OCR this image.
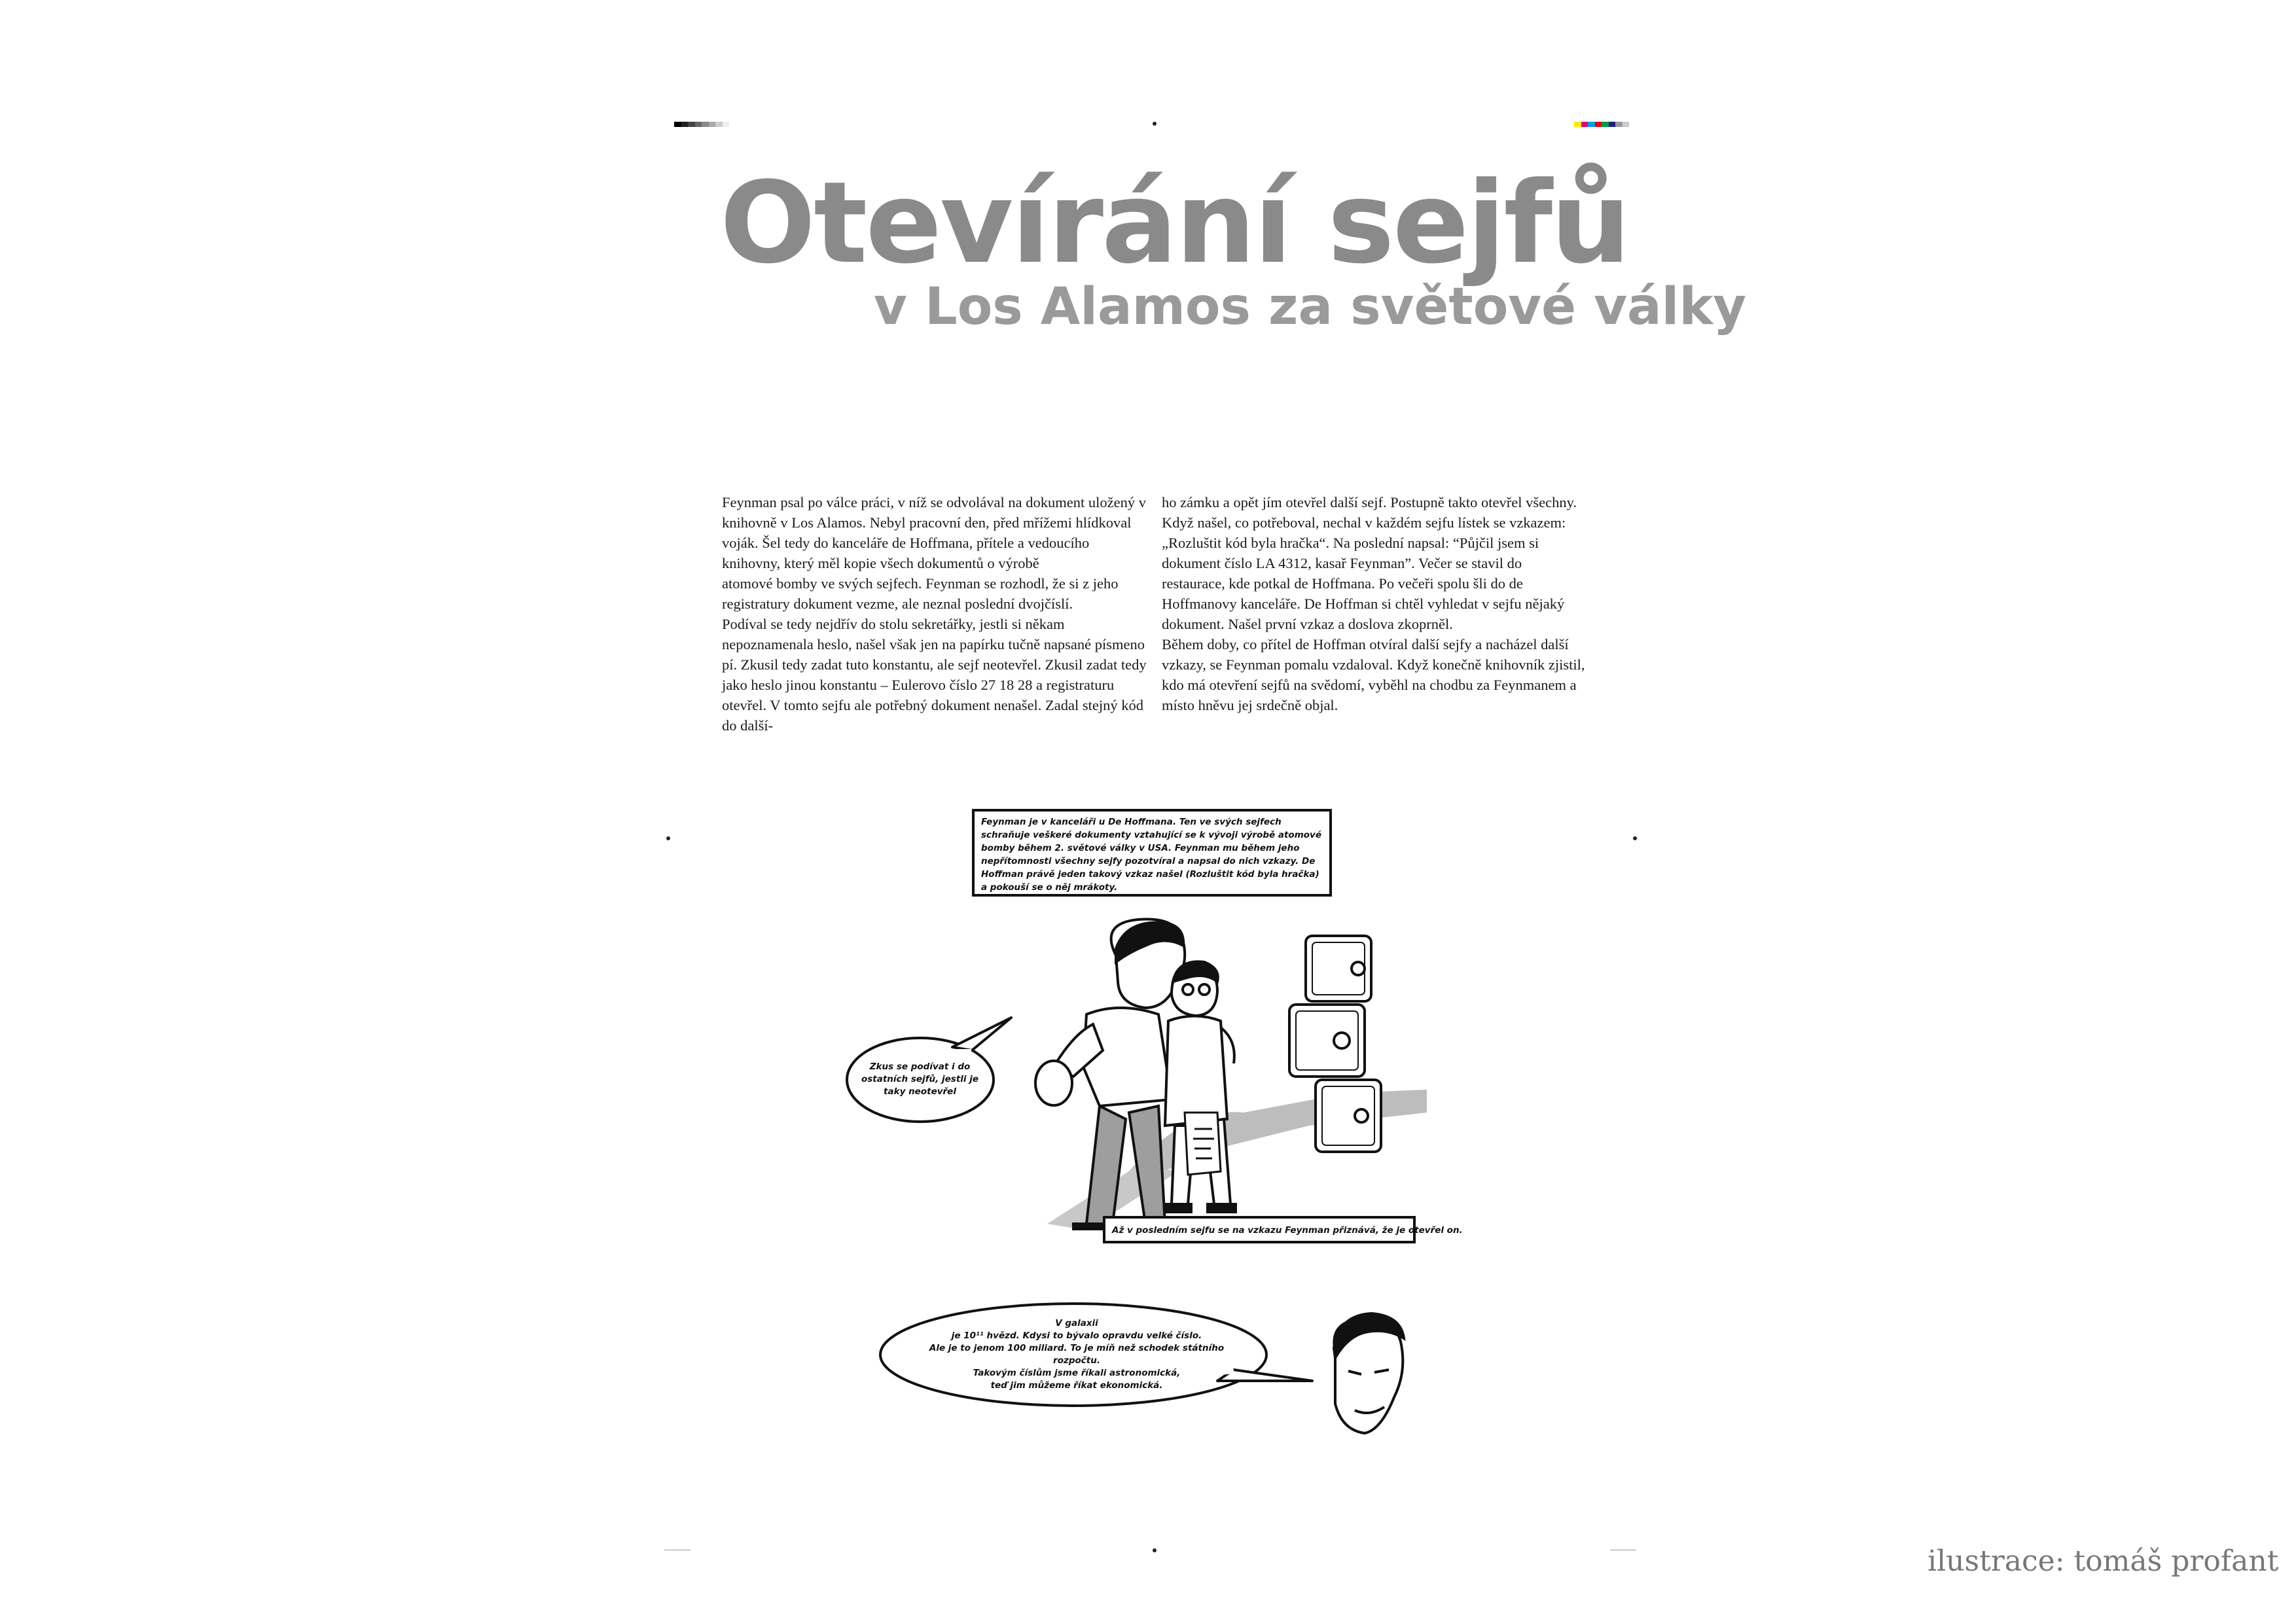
Otevírání sejfů
v Los Alamos za světové války

Feynman psal po válce práci, v níž se odvolával na dokument uložený v knihovně v Los Alamos. Nebyl pracovní den, před mřížemi hlídkoval voják. Šel tedy do kanceláře de Hoffmana, přítele a vedoucího knihovny, který měl kopie všech dokumentů o výrobě

atomové bomby ve svých sejfech. Feynman se rozhodl, že si z jeho registratury dokument vezme, ale neznal poslední dvojčíslí.

Podíval se tedy nejdřív do stolu sekretářky, jestli si někam nepoznamenala heslo, našel však jen na papírku tučně napsané písmeno pí. Zkusil tedy zadat tuto konstantu, ale sejf neotevřel. Zkusil zadat tedy jako heslo jinou konstantu – Eulerovo číslo 27 18 28 a registraturu otevřel. V tomto sejfu ale potřebný dokument nenašel. Zadal stejný kód do další-

ho zámku a opět jím otevřel další sejf. Postupně takto otevřel všechny. Když našel, co potřeboval, nechal v každém sejfu lístek se vzkazem: „Rozluštit kód byla hračka“. Na poslední napsal: “Půjčil jsem si dokument číslo LA 4312, kasař Feynman”. Večer se stavil do restaurace, kde potkal de Hoffmana. Po večeři spolu šli do de Hoffmanovy kanceláře. De Hoffman si chtěl vyhledat v sejfu nějaký dokument. Našel první vzkaz a doslova zkoprněl.

Během doby, co přítel de Hoffman otvíral další sejfy a nacházel další vzkazy, se Feynman pomalu vzdaloval. Když konečně knihovník zjistil, kdo má otevření sejfů na svědomí, vyběhl na chodbu za Feynmanem a místo hněvu jej srdečně objal.

Feynman je v kanceláři u De Hoffmana. Ten ve svých sejfech schraňuje veškeré dokumenty vztahující se k vývoji výrobě atomové bomby během 2. světové války v USA. Feynman mu během jeho nepřítomnosti všechny sejfy pozotvíral a napsal do nich vzkazy. De Hoffman právě jeden takový vzkaz našel (Rozluštit kód byla hračka) a pokouší se o něj mrákoty.
Zkus se podívat i do ostatních sejfů, jestli je taky neotevřel
Až v posledním sejfu se na vzkazu Feynman přiznává, že je otevřel on.
V galaxii
je 10¹¹ hvězd. Kdysi to bývalo opravdu velké číslo.
Ale je to jenom 100 miliard. To je míň než schodek státního rozpočtu.
Takovým číslům jsme říkali astronomická,
teď jim můžeme říkat ekonomická.
ilustrace: tomáš profant
